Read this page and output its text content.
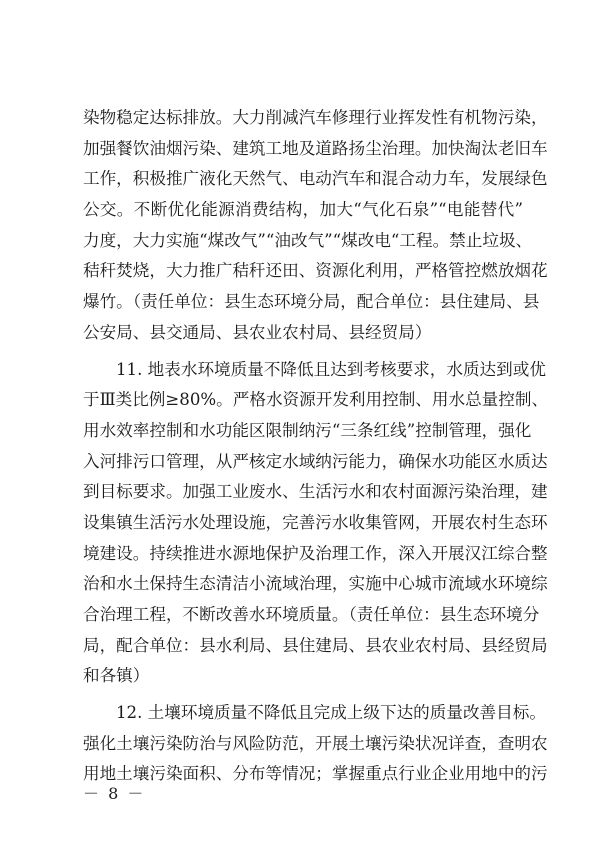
染物稳定达标排放。大力削减汽车修理行业挥发性有机物污染，
加强餐饮油烟污染、建筑工地及道路扬尘治理。加快淘汰老旧车
工作，积极推广液化天然气、电动汽车和混合动力车，发展绿色
公交。不断优化能源消费结构，加大“气化石泉”“电能替代”
力度，大力实施“煤改气”“油改气”“煤改电“工程。禁止垃圾、
秸秆焚烧，大力推广秸秆还田、资源化利用，严格管控燃放烟花
爆竹。（责任单位：县生态环境分局，配合单位：县住建局、县
公安局、县交通局、县农业农村局、县经贸局）
11. 地表水环境质量不降低且达到考核要求，水质达到或优
于Ⅲ类比例≥80%。严格水资源开发利用控制、用水总量控制、
用水效率控制和水功能区限制纳污“三条红线”控制管理，强化
入河排污口管理，从严核定水域纳污能力，确保水功能区水质达
到目标要求。加强工业废水、生活污水和农村面源污染治理，建
设集镇生活污水处理设施，完善污水收集管网，开展农村生态环
境建设。持续推进水源地保护及治理工作，深入开展汉江综合整
治和水土保持生态清洁小流域治理，实施中心城市流域水环境综
合治理工程，不断改善水环境质量。（责任单位：县生态环境分
局，配合单位：县水利局、县住建局、县农业农村局、县经贸局
和各镇）
12. 土壤环境质量不降低且完成上级下达的质量改善目标。
强化土壤污染防治与风险防范，开展土壤污染状况详查，查明农
用地土壤污染面积、分布等情况；掌握重点行业企业用地中的污
－ 8 －
